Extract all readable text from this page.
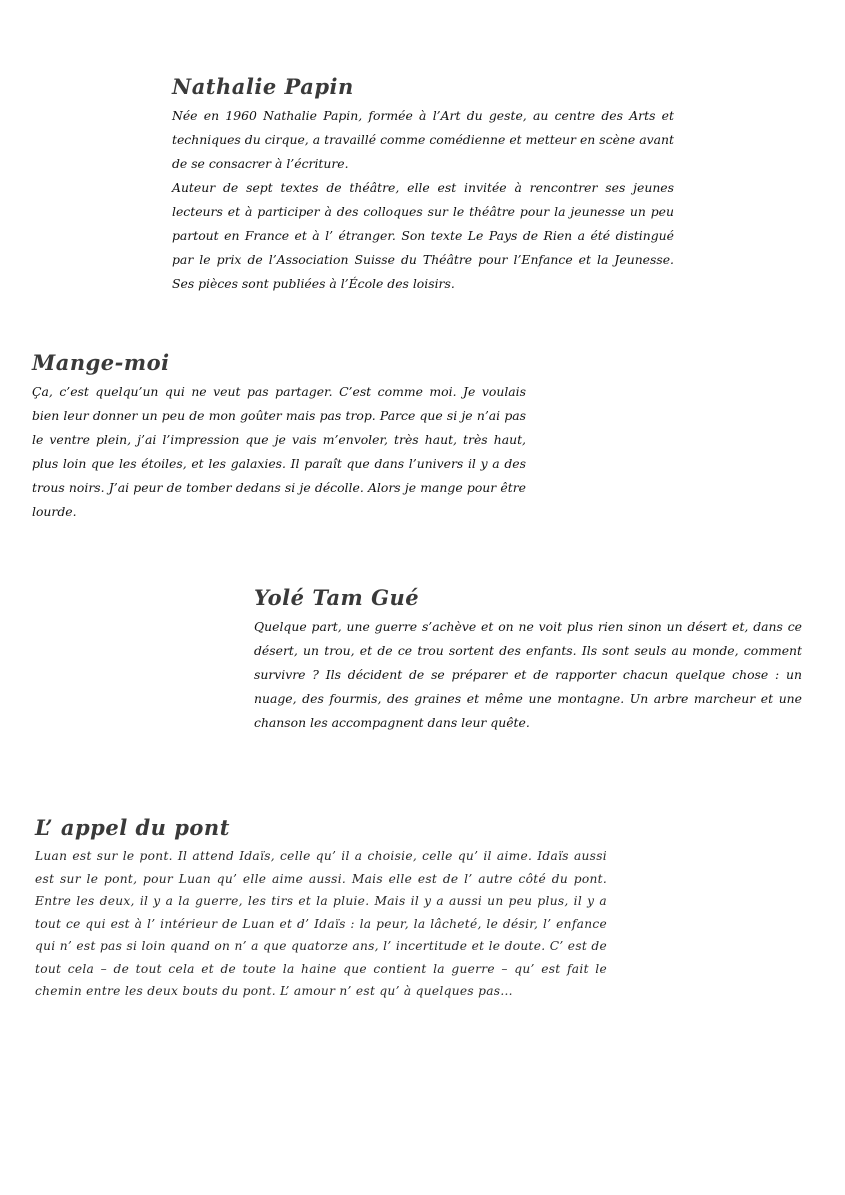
Nathalie Papin

Née en 1960 Nathalie Papin, formée à l’Art du geste, au centre des Arts et techniques du cirque, a travaillé comme comédienne et metteur en scène avant de se consacrer à l’écriture.

Auteur de sept textes de théâtre, elle est invitée à rencontrer ses jeunes lecteurs et à participer à des colloques sur le théâtre pour la jeunesse un peu partout en France et à l’ étranger. Son texte Le Pays de Rien a été distingué par le prix de l’Association Suisse du Théâtre pour l’Enfance et la Jeunesse. Ses pièces sont publiées à l’École des loisirs.

Mange-moi

Ça, c’est quelqu’un qui ne veut pas partager. C’est comme moi. Je voulais bien leur donner un peu de mon goûter mais pas trop. Parce que si je n’ai pas le ventre plein, j’ai l’impression que je vais m’envoler, très haut, très haut, plus loin que les étoiles, et les galaxies. Il paraît que dans l’univers il y a des trous noirs. J’ai peur de tomber dedans si je décolle. Alors je mange pour être lourde.

Yolé Tam Gué

Quelque part, une guerre s’achève et on ne voit plus rien sinon un désert et, dans ce désert, un trou, et de ce trou sortent des enfants. Ils sont seuls au monde, comment survivre ? Ils décident de se préparer et de rapporter chacun quelque chose : un nuage, des fourmis, des graines et même une montagne. Un arbre marcheur et une chanson les accompagnent dans leur quête.

L’ appel du pont

Luan est sur le pont. Il attend Idaïs, celle qu’ il a choisie, celle qu’ il aime. Idaïs aussi est sur le pont, pour Luan qu’ elle aime aussi. Mais elle est de l’ autre côté du pont. Entre les deux, il y a la guerre, les tirs et la pluie. Mais il y a aussi un peu plus, il y a tout ce qui est à l’ intérieur de Luan et d’ Idaïs : la peur, la lâcheté, le désir, l’ enfance qui n’ est pas si loin quand on n’ a que quatorze ans, l’ incertitude et le doute. C’ est de tout cela – de tout cela et de toute la haine que contient la guerre – qu’ est fait le chemin entre les deux bouts du pont. L’ amour n’ est qu’ à quelques pas...
